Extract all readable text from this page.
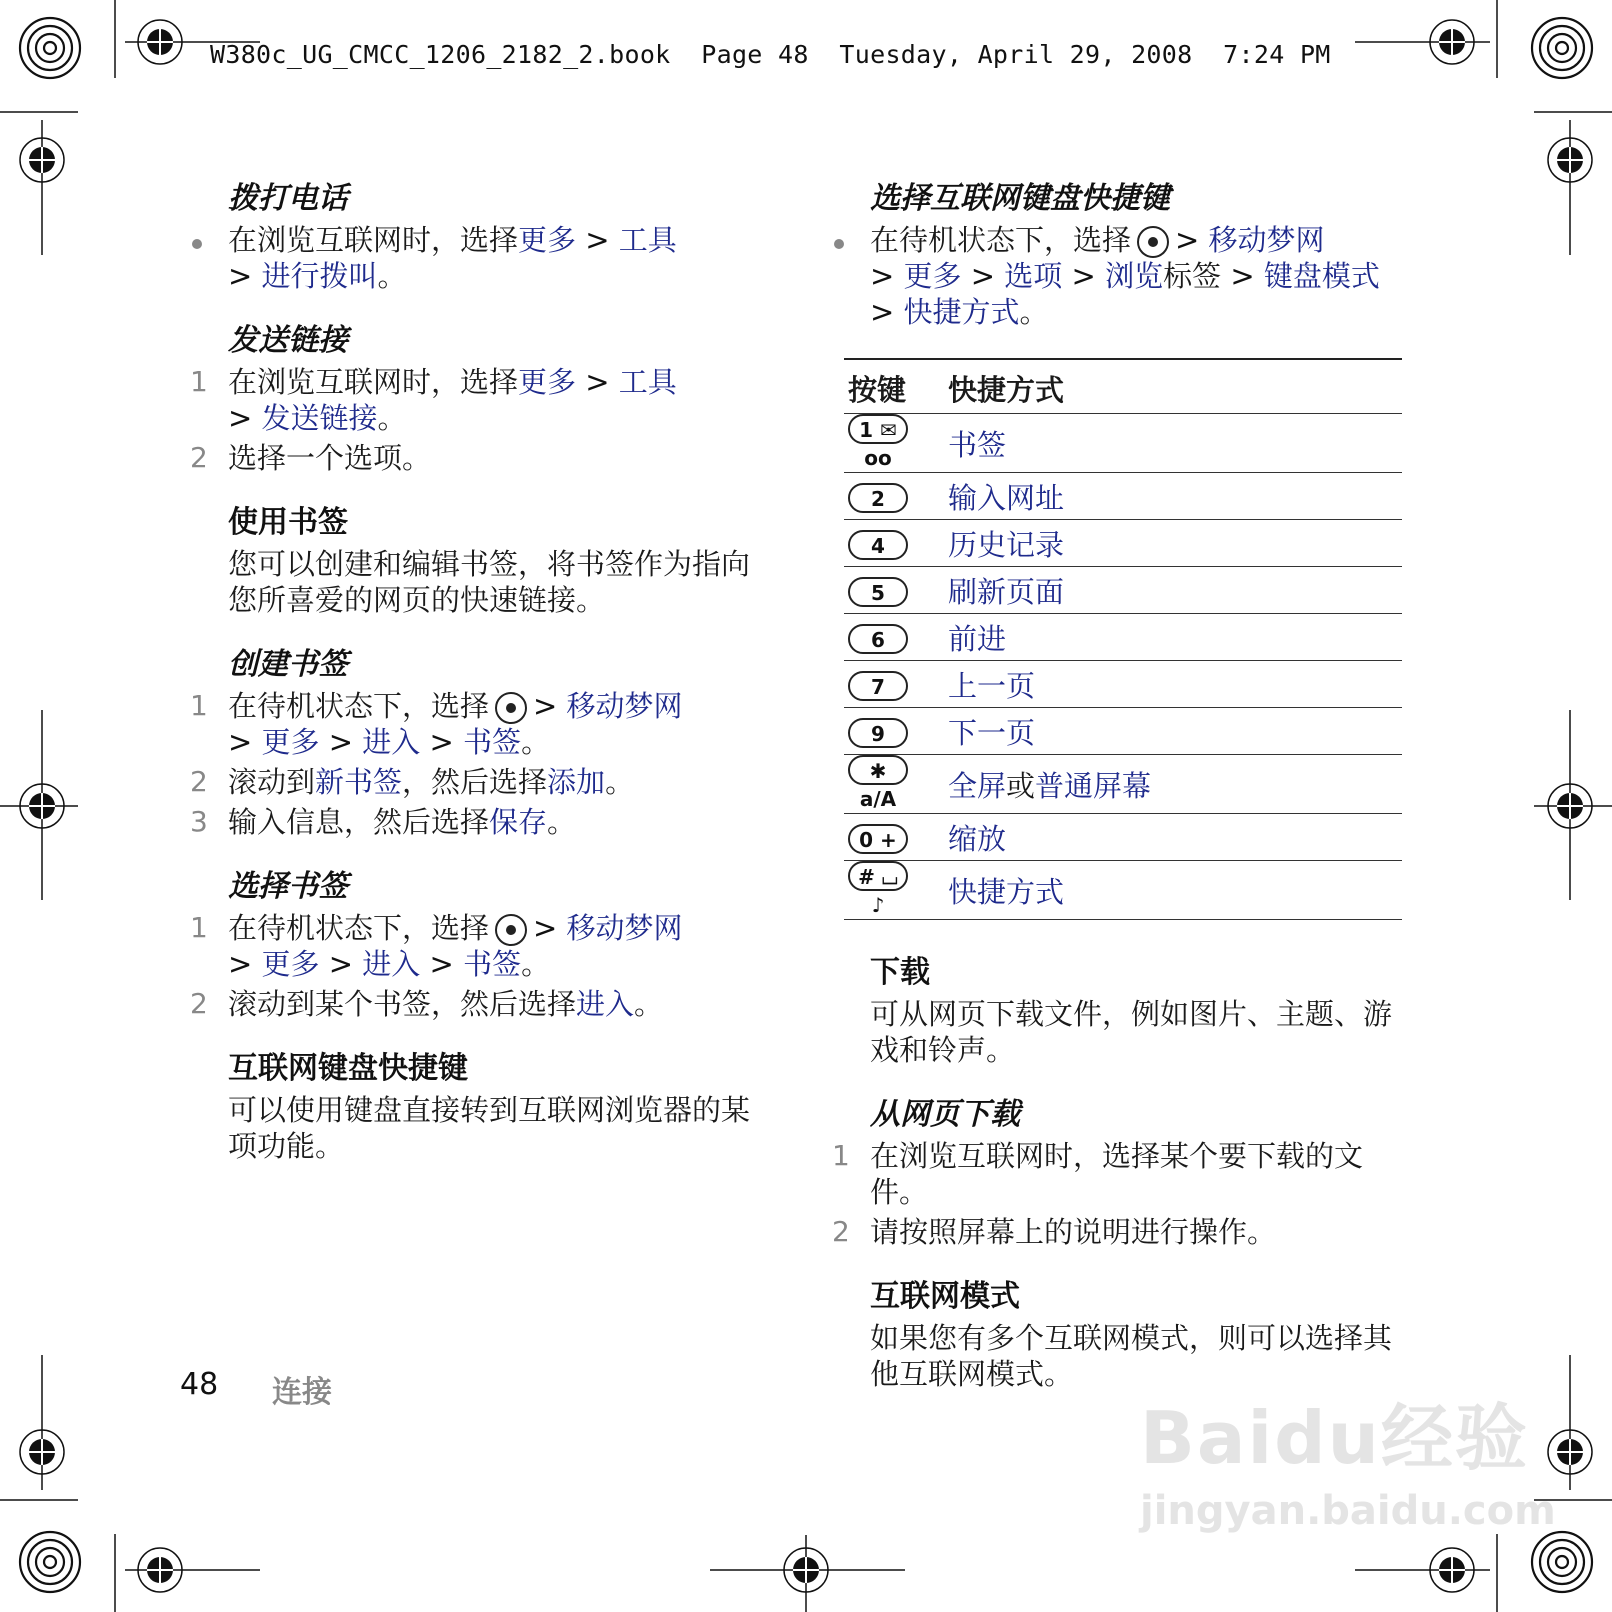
W380c_UG_CMCC_1206_2182_2.book  Page 48  Tuesday, April 29, 2008  7:24 PM
拨打电话
在浏览互联网时，选择更多 > 工具
> 进行拨叫。
发送链接
1 在浏览互联网时，选择更多 > 工具
> 发送链接。
2 选择一个选项。
使用书签
您可以创建和编辑书签，将书签作为指向您所喜爱的网页的快速链接。
创建书签
1 在待机状态下，选择 > 移动梦网
> 更多 > 进入 > 书签。
2 滚动到新书签，然后选择添加。
3 输入信息，然后选择保存。
选择书签
1 在待机状态下，选择 > 移动梦网
> 更多 > 进入 > 书签。
2 滚动到某个书签，然后选择进入。
互联网键盘快捷键
可以使用键盘直接转到互联网浏览器的某项功能。
选择互联网键盘快捷键
在待机状态下，选择 > 移动梦网
> 更多 > 选项 > 浏览标签 > 键盘模式
> 快捷方式。
按键	快捷方式
1 ✉oo	书签
2	输入网址
4	历史记录
5	刷新页面
6	前进
7	上一页
9	下一页
✱ a/A	全屏或普通屏幕
0 +	缩放
# ⌴ ♪	快捷方式
下载
可从网页下载文件，例如图片、主题、游戏和铃声。
从网页下载
1 在浏览互联网时，选择某个要下载的文件。
2 请按照屏幕上的说明进行操作。
互联网模式
如果您有多个互联网模式，则可以选择其他互联网模式。
48 连接
Baidu经验
jingyan.baidu.com
